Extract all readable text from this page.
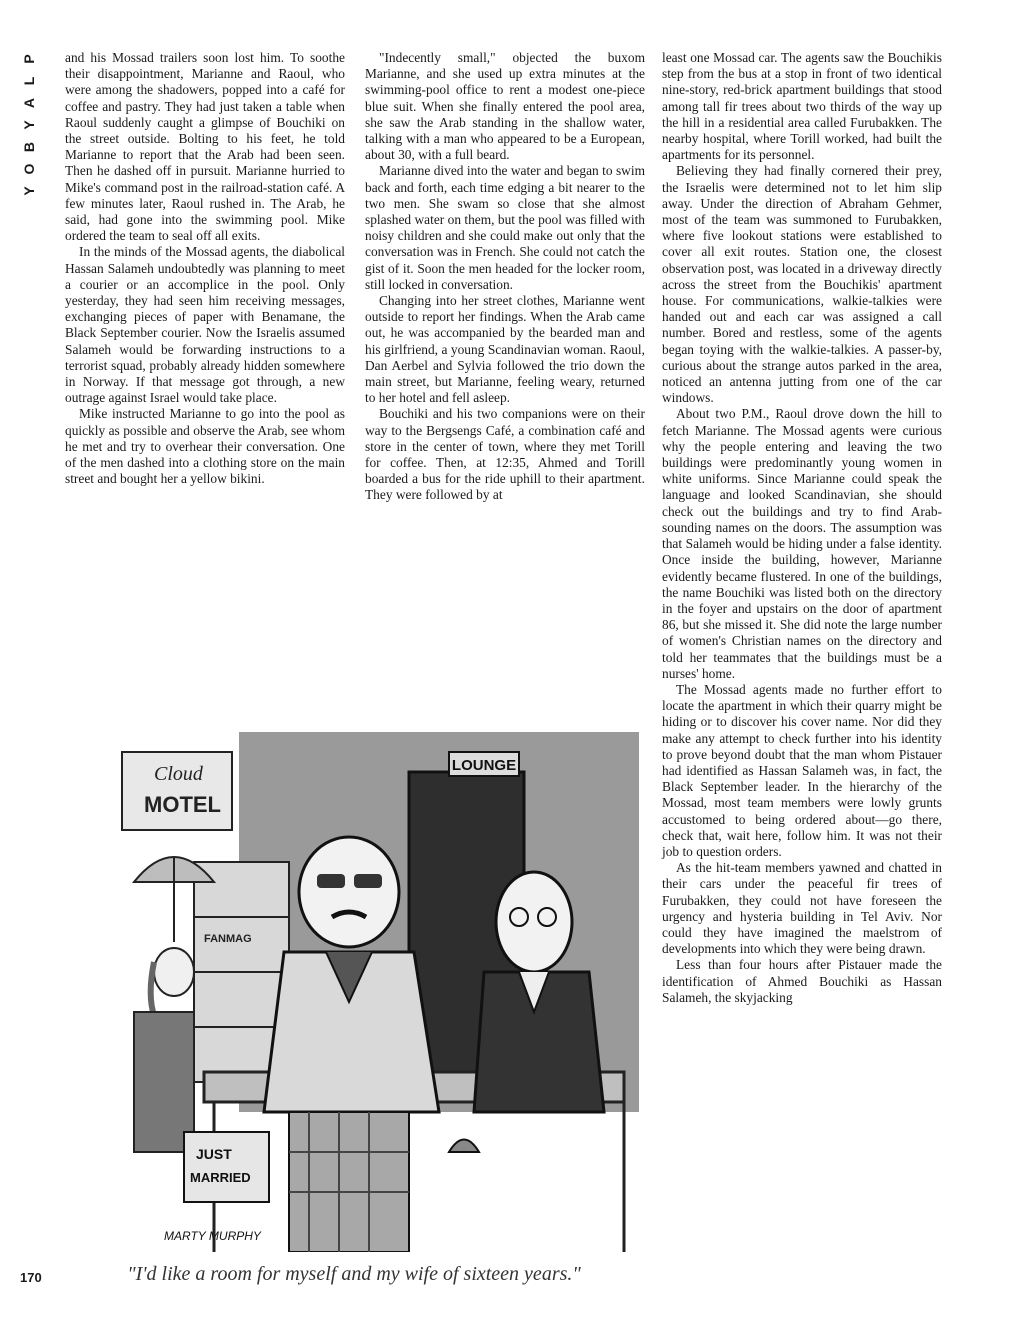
P
L
A
Y
B
O
Y

and his Mossad trailers soon lost him. To soothe their disappointment, Marianne and Raoul, who were among the shadowers, popped into a café for coffee and pastry. They had just taken a table when Raoul suddenly caught a glimpse of Bouchiki on the street outside. Bolting to his feet, he told Marianne to report that the Arab had been seen. Then he dashed off in pursuit. Marianne hurried to Mike's command post in the railroad-station café. A few minutes later, Raoul rushed in. The Arab, he said, had gone into the swimming pool. Mike ordered the team to seal off all exits.

In the minds of the Mossad agents, the diabolical Hassan Salameh undoubtedly was planning to meet a courier or an accomplice in the pool. Only yesterday, they had seen him receiving messages, exchanging pieces of paper with Benamane, the Black September courier. Now the Israelis assumed Salameh would be forwarding instructions to a terrorist squad, probably already hidden somewhere in Norway. If that message got through, a new outrage against Israel would take place.

Mike instructed Marianne to go into the pool as quickly as possible and observe the Arab, see whom he met and try to overhear their conversation. One of the men dashed into a clothing store on the main street and bought her a yellow bikini.

"Indecently small," objected the buxom Marianne, and she used up extra minutes at the swimming-pool office to rent a modest one-piece blue suit. When she finally entered the pool area, she saw the Arab standing in the shallow water, talking with a man who appeared to be a European, about 30, with a full beard.

Marianne dived into the water and began to swim back and forth, each time edging a bit nearer to the two men. She swam so close that she almost splashed water on them, but the pool was filled with noisy children and she could make out only that the conversation was in French. She could not catch the gist of it. Soon the men headed for the locker room, still locked in conversation.

Changing into her street clothes, Marianne went outside to report her findings. When the Arab came out, he was accompanied by the bearded man and his girlfriend, a young Scandinavian woman. Raoul, Dan Aerbel and Sylvia followed the trio down the main street, but Marianne, feeling weary, returned to her hotel and fell asleep.

Bouchiki and his two companions were on their way to the Bergsengs Café, a combination café and store in the center of town, where they met Torill for coffee. Then, at 12:35, Ahmed and Torill boarded a bus for the ride uphill to their apartment. They were followed by at

least one Mossad car. The agents saw the Bouchikis step from the bus at a stop in front of two identical nine-story, red-brick apartment buildings that stood among tall fir trees about two thirds of the way up the hill in a residential area called Furubakken. The nearby hospital, where Torill worked, had built the apartments for its personnel.

Believing they had finally cornered their prey, the Israelis were determined not to let him slip away. Under the direction of Abraham Gehmer, most of the team was summoned to Furubakken, where five lookout stations were established to cover all exit routes. Station one, the closest observation post, was located in a driveway directly across the street from the Bouchikis' apartment house. For communications, walkie-talkies were handed out and each car was assigned a call number. Bored and restless, some of the agents began toying with the walkie-talkies. A passer-by, curious about the strange autos parked in the area, noticed an antenna jutting from one of the car windows.

About two P.M., Raoul drove down the hill to fetch Marianne. The Mossad agents were curious why the people entering and leaving the two buildings were predominantly young women in white uniforms. Since Marianne could speak the language and looked Scandinavian, she should check out the buildings and try to find Arab-sounding names on the doors. The assumption was that Salameh would be hiding under a false identity. Once inside the building, however, Marianne evidently became flustered. In one of the buildings, the name Bouchiki was listed both on the directory in the foyer and upstairs on the door of apartment 86, but she missed it. She did note the large number of women's Christian names on the directory and told her teammates that the buildings must be a nurses' home.

The Mossad agents made no further effort to locate the apartment in which their quarry might be hiding or to discover his cover name. Nor did they make any attempt to check further into his identity to prove beyond doubt that the man whom Pistauer had identified as Hassan Salameh was, in fact, the Black September leader. In the hierarchy of the Mossad, most team members were lowly grunts accustomed to being ordered about—go there, check that, wait here, follow him. It was not their job to question orders.

As the hit-team members yawned and chatted in their cars under the peaceful fir trees of Furubakken, they could not have foreseen the urgency and hysteria building in Tel Aviv. Nor could they have imagined the maelstrom of developments into which they were being drawn.

Less than four hours after Pistauer made the identification of Ahmed Bouchiki as Hassan Salameh, the skyjacking

LOUNGE
Cloud
MOTEL
FANMAG
JUST
MARRIED
MARTY MURPHY
"I'd like a room for myself and my wife of sixteen years."
170
